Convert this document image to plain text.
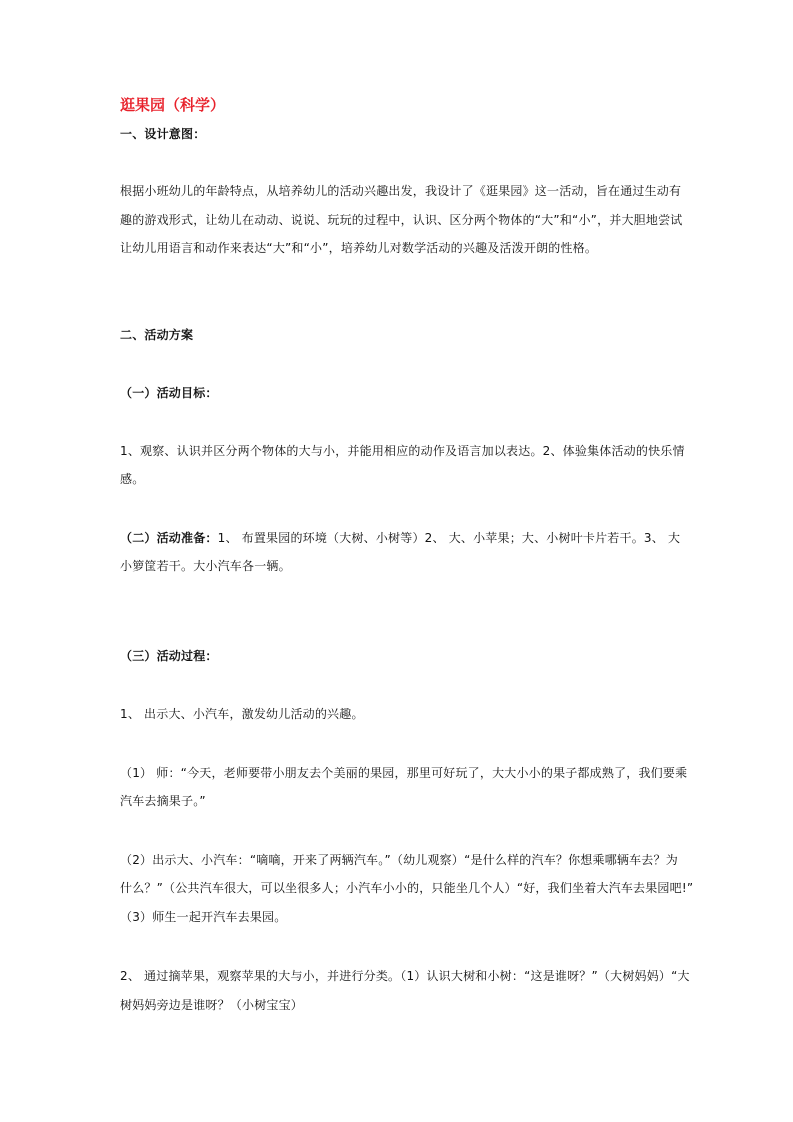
逛果园（科学）
一、设计意图：
根据小班幼儿的年龄特点，从培养幼儿的活动兴趣出发，我设计了《逛果园》这一活动，旨在通过生动有
趣的游戏形式，让幼儿在动动、说说、玩玩的过程中，认识、区分两个物体的“大”和“小”，并大胆地尝试
让幼儿用语言和动作来表达“大”和“小”，培养幼儿对数学活动的兴趣及活泼开朗的性格。
二、活动方案
（一）活动目标：
1、观察、认识并区分两个物体的大与小，并能用相应的动作及语言加以表达。2、体验集体活动的快乐情
感。
（二）活动准备：1、 布置果园的环境（大树、小树等）2、 大、小苹果；大、小树叶卡片若干。3、 大
小箩筐若干。大小汽车各一辆。
（三）活动过程：
1、 出示大、小汽车，激发幼儿活动的兴趣。
（1） 师：“今天，老师要带小朋友去个美丽的果园，那里可好玩了，大大小小的果子都成熟了，我们要乘
汽车去摘果子。”
（2）出示大、小汽车：“嘀嘀，开来了两辆汽车。”（幼儿观察）“是什么样的汽车？你想乘哪辆车去？为
什么？”（公共汽车很大，可以坐很多人；小汽车小小的，只能坐几个人）“好，我们坐着大汽车去果园吧!”
（3）师生一起开汽车去果园。
2、 通过摘苹果，观察苹果的大与小，并进行分类。（1）认识大树和小树：“这是谁呀？”（大树妈妈）“大
树妈妈旁边是谁呀？（小树宝宝）
